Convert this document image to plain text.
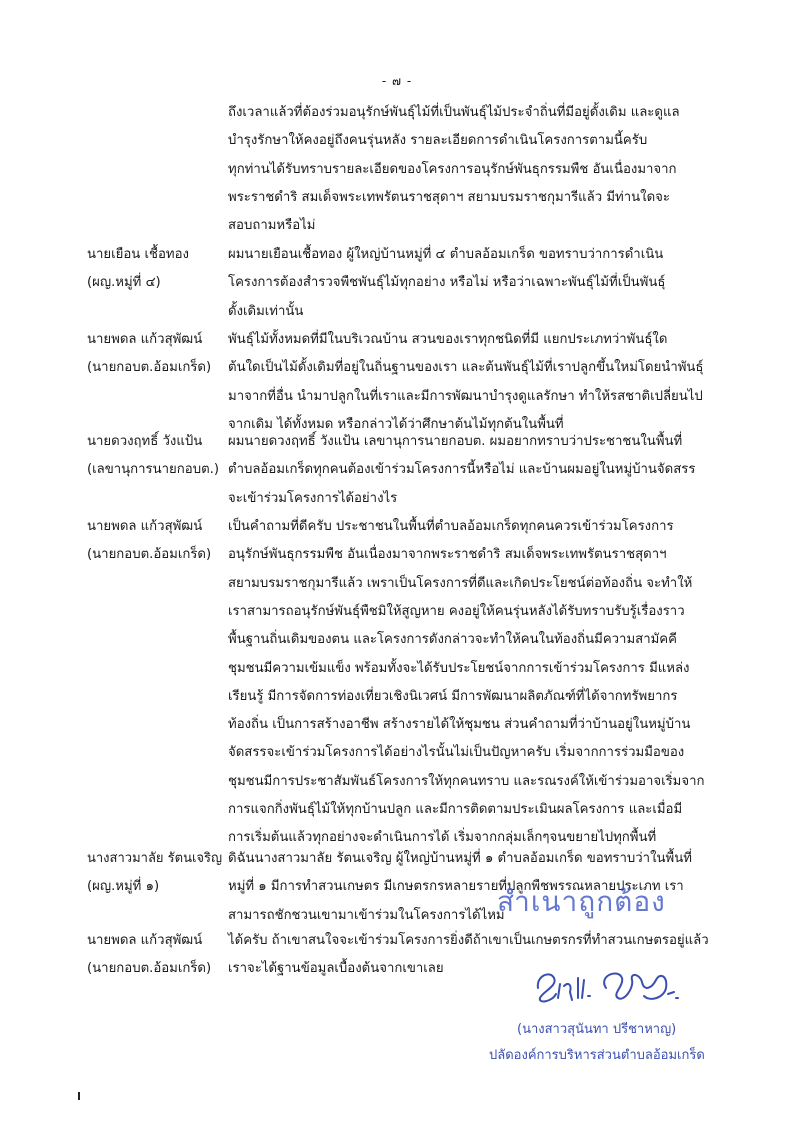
- ๗ -
ถึงเวลาแล้วที่ต้องร่วมอนุรักษ์พันธุ์ไม้ที่เป็นพันธุ์ไม้ประจำถิ่นที่มีอยู่ดั้งเดิม และดูแล
บำรุงรักษาให้คงอยู่ถึงคนรุ่นหลัง รายละเอียดการดำเนินโครงการตามนี้ครับ
ทุกท่านได้รับทราบรายละเอียดของโครงการอนุรักษ์พันธุกรรมพืช อันเนื่องมาจาก
พระราชดำริ สมเด็จพระเทพรัตนราชสุดาฯ สยามบรมราชกุมารีแล้ว มีท่านใดจะ
สอบถามหรือไม่
นายเยือน เชื้อทอง
(ผญ.หมู่ที่ ๔)
ผมนายเยือนเชื้อทอง ผู้ใหญ่บ้านหมู่ที่ ๔ ตำบลอ้อมเกร็ด ขอทราบว่าการดำเนิน
โครงการต้องสำรวจพืชพันธุ์ไม้ทุกอย่าง หรือไม่ หรือว่าเฉพาะพันธุ์ไม้ที่เป็นพันธุ์
ดั้งเดิมเท่านั้น
นายพดล แก้วสุพัฒน์
(นายกอบต.อ้อมเกร็ด)
พันธุ์ไม้ทั้งหมดที่มีในบริเวณบ้าน สวนของเราทุกชนิดที่มี แยกประเภทว่าพันธุ์ใด
ต้นใดเป็นไม้ดั้งเดิมที่อยู่ในถิ่นฐานของเรา และต้นพันธุ์ไม้ที่เราปลูกขึ้นใหม่โดยนำพันธุ์
มาจากที่อื่น นำมาปลูกในที่เราและมีการพัฒนาบำรุงดูแลรักษา ทำให้รสชาติเปลี่ยนไป
จากเดิม ได้ทั้งหมด หรือกล่าวได้ว่าศึกษาต้นไม้ทุกต้นในพื้นที่
นายดวงฤทธิ์ วังแป้น
(เลขานุการนายกอบต.)
ผมนายดวงฤทธิ์ วังแป้น เลขานุการนายกอบต. ผมอยากทราบว่าประชาชนในพื้นที่
ตำบลอ้อมเกร็ดทุกคนต้องเข้าร่วมโครงการนี้หรือไม่ และบ้านผมอยู่ในหมู่บ้านจัดสรร
จะเข้าร่วมโครงการได้อย่างไร
นายพดล แก้วสุพัฒน์
(นายกอบต.อ้อมเกร็ด)
เป็นคำถามที่ดีครับ ประชาชนในพื้นที่ตำบลอ้อมเกร็ดทุกคนควรเข้าร่วมโครงการ
อนุรักษ์พันธุกรรมพืช อันเนื่องมาจากพระราชดำริ สมเด็จพระเทพรัตนราชสุดาฯ
สยามบรมราชกุมารีแล้ว เพราเป็นโครงการที่ดีและเกิดประโยชน์ต่อท้องถิ่น จะทำให้
เราสามารถอนุรักษ์พันธุ์พืชมิให้สูญหาย คงอยู่ให้คนรุ่นหลังได้รับทราบรับรู้เรื่องราว
พื้นฐานถิ่นเดิมของตน และโครงการดังกล่าวจะทำให้คนในท้องถิ่นมีความสามัคคี
ชุมชนมีความเข้มแข็ง พร้อมทั้งจะได้รับประโยชน์จากการเข้าร่วมโครงการ มีแหล่ง
เรียนรู้ มีการจัดการท่องเที่ยวเชิงนิเวศน์ มีการพัฒนาผลิตภัณฑ์ที่ได้จากทรัพยากร
ท้องถิ่น เป็นการสร้างอาชีพ สร้างรายได้ให้ชุมชน ส่วนคำถามที่ว่าบ้านอยู่ในหมู่บ้าน
จัดสรรจะเข้าร่วมโครงการได้อย่างไรนั้นไม่เป็นปัญหาครับ เริ่มจากการร่วมมือของ
ชุมชนมีการประชาสัมพันธ์โครงการให้ทุกคนทราบ และรณรงค์ให้เข้าร่วมอาจเริ่มจาก
การแจกกิ่งพันธุ์ไม้ให้ทุกบ้านปลูก และมีการติดตามประเมินผลโครงการ และเมื่อมี
การเริ่มต้นแล้วทุกอย่างจะดำเนินการได้ เริ่มจากกลุ่มเล็กๆจนขยายไปทุกพื้นที่
นางสาวมาลัย รัตนเจริญ
(ผญ.หมู่ที่ ๑)
ดิฉันนางสาวมาลัย รัตนเจริญ ผู้ใหญ่บ้านหมู่ที่ ๑ ตำบลอ้อมเกร็ด ขอทราบว่าในพื้นที่
หมู่ที่ ๑ มีการทำสวนเกษตร มีเกษตรกรหลายรายที่ปลูกพืชพรรณหลายประเภท เรา
สามารถชักชวนเขามาเข้าร่วมในโครงการได้ไหม
นายพดล แก้วสุพัฒน์
(นายกอบต.อ้อมเกร็ด)
ได้ครับ ถ้าเขาสนใจจะเข้าร่วมโครงการยิ่งดีถ้าเขาเป็นเกษตรกรที่ทำสวนเกษตรอยู่แล้ว
เราจะได้ฐานข้อมูลเบื้องต้นจากเขาเลย
สำเนาถูกต้อง
(นางสาวสุนันทา ปรีชาหาญ)
ปลัดองค์การบริหารส่วนตำบลอ้อมเกร็ด
